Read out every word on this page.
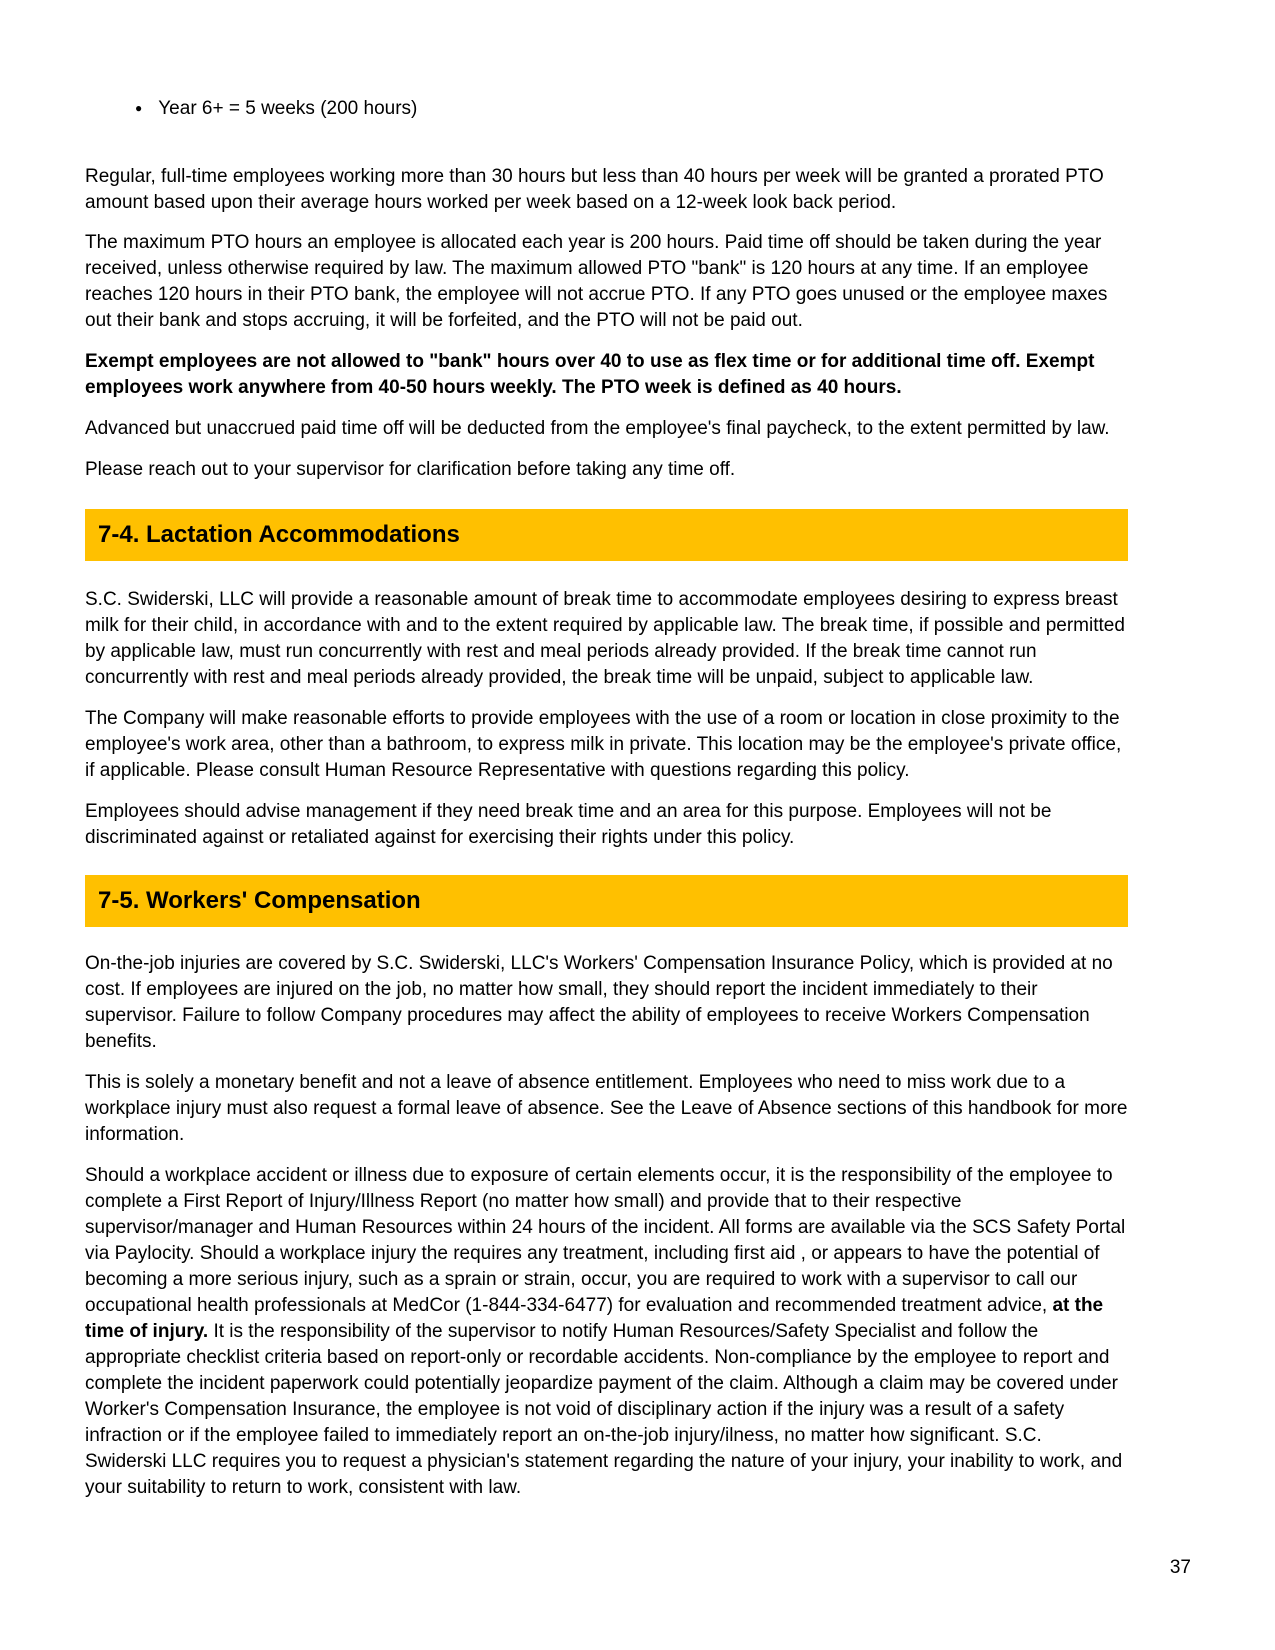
● Year 6+ = 5 weeks (200 hours)

Regular, full-time employees working more than 30 hours but less than 40 hours per week will be granted a prorated PTO amount based upon their average hours worked per week based on a 12-week look back period.

The maximum PTO hours an employee is allocated each year is 200 hours. Paid time off should be taken during the year received, unless otherwise required by law. The maximum allowed PTO "bank" is 120 hours at any time. If an employee reaches 120 hours in their PTO bank, the employee will not accrue PTO. If any PTO goes unused or the employee maxes out their bank and stops accruing, it will be forfeited, and the PTO will not be paid out.

Exempt employees are not allowed to "bank" hours over 40 to use as flex time or for additional time off. Exempt employees work anywhere from 40-50 hours weekly. The PTO week is defined as 40 hours.

Advanced but unaccrued paid time off will be deducted from the employee's final paycheck, to the extent permitted by law.

Please reach out to your supervisor for clarification before taking any time off.

7-4. Lactation Accommodations

S.C. Swiderski, LLC will provide a reasonable amount of break time to accommodate employees desiring to express breast milk for their child, in accordance with and to the extent required by applicable law. The break time, if possible and permitted by applicable law, must run concurrently with rest and meal periods already provided. If the break time cannot run concurrently with rest and meal periods already provided, the break time will be unpaid, subject to applicable law.

The Company will make reasonable efforts to provide employees with the use of a room or location in close proximity to the employee's work area, other than a bathroom, to express milk in private. This location may be the employee's private office, if applicable. Please consult Human Resource Representative with questions regarding this policy.

Employees should advise management if they need break time and an area for this purpose. Employees will not be discriminated against or retaliated against for exercising their rights under this policy.

7-5. Workers' Compensation

On-the-job injuries are covered by S.C. Swiderski, LLC's Workers' Compensation Insurance Policy, which is provided at no cost. If employees are injured on the job, no matter how small, they should report the incident immediately to their supervisor. Failure to follow Company procedures may affect the ability of employees to receive Workers Compensation benefits.

This is solely a monetary benefit and not a leave of absence entitlement. Employees who need to miss work due to a workplace injury must also request a formal leave of absence. See the Leave of Absence sections of this handbook for more information.

Should a workplace accident or illness due to exposure of certain elements occur, it is the responsibility of the employee to complete a First Report of Injury/Illness Report (no matter how small) and provide that to their respective supervisor/manager and Human Resources within 24 hours of the incident. All forms are available via the SCS Safety Portal via Paylocity. Should a workplace injury the requires any treatment, including first aid , or appears to have the potential of becoming a more serious injury, such as a sprain or strain, occur, you are required to work with a supervisor to call our occupational health professionals at MedCor (1-844-334-6477) for evaluation and recommended treatment advice, at the time of injury. It is the responsibility of the supervisor to notify Human Resources/Safety Specialist and follow the appropriate checklist criteria based on report-only or recordable accidents. Non-compliance by the employee to report and complete the incident paperwork could potentially jeopardize payment of the claim. Although a claim may be covered under Worker's Compensation Insurance, the employee is not void of disciplinary action if the injury was a result of a safety infraction or if the employee failed to immediately report an on-the-job injury/ilness, no matter how significant. S.C. Swiderski LLC requires you to request a physician's statement regarding the nature of your injury, your inability to work, and your suitability to return to work, consistent with law.

37
